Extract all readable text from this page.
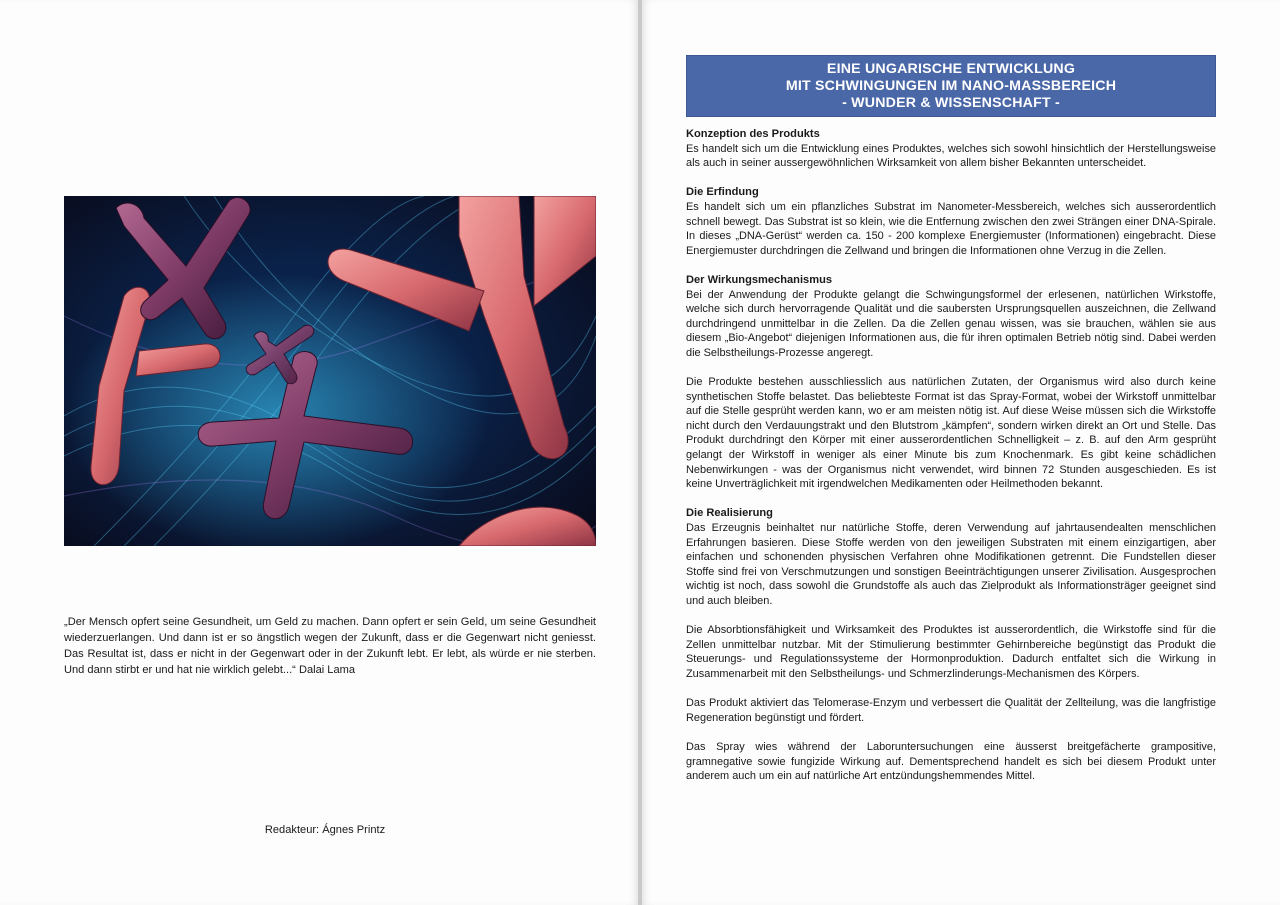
„Der Mensch opfert seine Gesundheit, um Geld zu machen. Dann opfert er sein Geld, um seine Gesundheit wiederzuerlangen. Und dann ist er so ängstlich wegen der Zukunft, dass er die Gegenwart nicht geniesst. Das Resultat ist, dass er nicht in der Gegenwart oder in der Zukunft lebt. Er lebt, als würde er nie sterben. Und dann stirbt er und hat nie wirklich gelebt...“ Dalai Lama

Redakteur: Ágnes Printz
EINE UNGARISCHE ENTWICKLUNG
MIT SCHWINGUNGEN IM NANO-MASSBEREICH
- WUNDER & WISSENSCHAFT -
Konzeption des Produkts

Es handelt sich um die Entwicklung eines Produktes, welches sich sowohl hinsichtlich der Herstellungsweise als auch in seiner aussergewöhnlichen Wirksamkeit von allem bisher Bekannten unterscheidet.

Die Erfindung

Es handelt sich um ein pflanzliches Substrat im Nanometer-Messbereich, welches sich ausserordentlich schnell bewegt. Das Substrat ist so klein, wie die Entfernung zwischen den zwei Strängen einer DNA-Spirale. In dieses „DNA-Gerüst“ werden ca. 150 - 200 komplexe Energiemuster (Informationen) eingebracht. Diese Energiemuster durchdringen die Zellwand und bringen die Informationen ohne Verzug in die Zellen.

Der Wirkungsmechanismus

Bei der Anwendung der Produkte gelangt die Schwingungsformel der erlesenen, natürlichen Wirkstoffe, welche sich durch hervorragende Qualität und die saubersten Ursprungsquellen auszeichnen, die Zellwand durchdringend unmittelbar in die Zellen. Da die Zellen genau wissen, was sie brauchen, wählen sie aus diesem „Bio-Angebot“ diejenigen Informationen aus, die für ihren optimalen Betrieb nötig sind. Dabei werden die Selbstheilungs-Prozesse angeregt.

Die Produkte bestehen ausschliesslich aus natürlichen Zutaten, der Organismus wird also durch keine synthetischen Stoffe belastet. Das beliebteste Format ist das Spray-Format, wobei der Wirkstoff unmittelbar auf die Stelle gesprüht werden kann, wo er am meisten nötig ist. Auf diese Weise müssen sich die Wirkstoffe nicht durch den Verdauungstrakt und den Blutstrom „kämpfen“, sondern wirken direkt an Ort und Stelle. Das Produkt durchdringt den Körper mit einer ausserordentlichen Schnelligkeit – z. B. auf den Arm gesprüht gelangt der Wirkstoff in weniger als einer Minute bis zum Knochenmark. Es gibt keine schädlichen Nebenwirkungen - was der Organismus nicht verwendet, wird binnen 72 Stunden ausgeschieden. Es ist keine Unverträglichkeit mit irgendwelchen Medikamenten oder Heilmethoden bekannt.

Die Realisierung

Das Erzeugnis beinhaltet nur natürliche Stoffe, deren Verwendung auf jahrtausendealten menschlichen Erfahrungen basieren. Diese Stoffe werden von den jeweiligen Substraten mit einem einzigartigen, aber einfachen und schonenden physischen Verfahren ohne Modifikationen getrennt. Die Fundstellen dieser Stoffe sind frei von Verschmutzungen und sonstigen Beeinträchtigungen unserer Zivilisation. Ausgesprochen wichtig ist noch, dass sowohl die Grundstoffe als auch das Zielprodukt als Informationsträger geeignet sind und auch bleiben.

Die Absorbtionsfähigkeit und Wirksamkeit des Produktes ist ausserordentlich, die Wirkstoffe sind für die Zellen unmittelbar nutzbar. Mit der Stimulierung bestimmter Gehirnbereiche begünstigt das Produkt die Steuerungs- und Regulationssysteme der Hormonproduktion. Dadurch entfaltet sich die Wirkung in Zusammenarbeit mit den Selbstheilungs- und Schmerzlinderungs-Mechanismen des Körpers.

Das Produkt aktiviert das Telomerase-Enzym und verbessert die Qualität der Zellteilung, was die langfristige Regeneration begünstigt und fördert.

Das Spray wies während der Laboruntersuchungen eine äusserst breitgefächerte grampositive, gramnegative sowie fungizide Wirkung auf. Dementsprechend handelt es sich bei diesem Produkt unter anderem auch um ein auf natürliche Art entzündungshemmendes Mittel.
